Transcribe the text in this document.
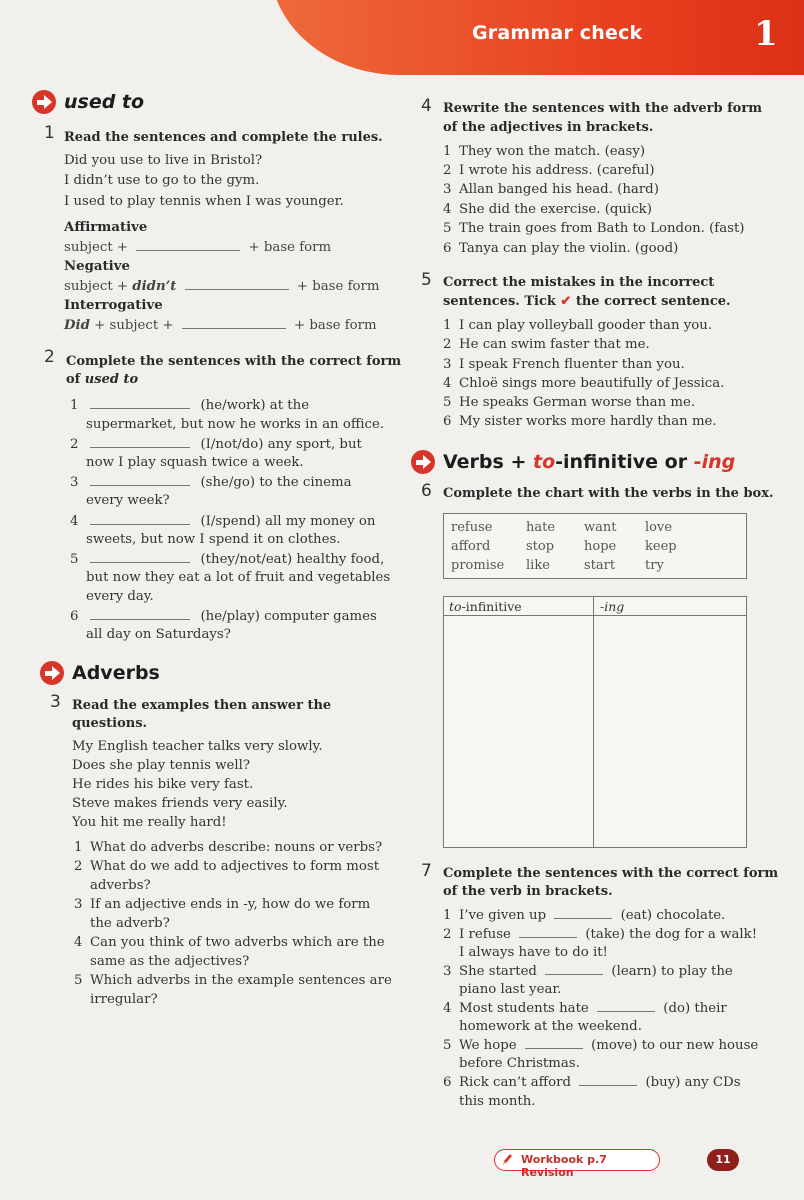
Grammar check	1
used to
1 Read the sentences and complete the rules.
Did you use to live in Bristol?
I didn’t use to go to the gym.
I used to play tennis when I was younger.
Affirmative
subject +	+ base form
Negative
subject + didn’t	+ base form
Interrogative
Did + subject +	+ base form
2 Complete the sentences with the correct form
of used to
1	(he/work) at the
supermarket, but now he works in an office.
2	(I/not/do) any sport, but
now I play squash twice a week.
3	(she/go) to the cinema
every week?
4	(I/spend) all my money on
sweets, but now I spend it on clothes.
5	(they/not/eat) healthy food,
but now they eat a lot of fruit and vegetables
every day.
6	(he/play) computer games
all day on Saturdays?
Adverbs
3 Read the examples then answer the
questions.
My English teacher talks very slowly.
Does she play tennis well?
He rides his bike very fast.
Steve makes friends very easily.
You hit me really hard!
1 What do adverbs describe: nouns or verbs?
2 What do we add to adjectives to form most
adverbs?
3 If an adjective ends in -y, how do we form
the adverb?
4 Can you think of two adverbs which are the
same as the adjectives?
5 Which adverbs in the example sentences are
irregular?
4 Rewrite the sentences with the adverb form
of the adjectives in brackets.
1 They won the match. (easy)
2 I wrote his address. (careful)
3 Allan banged his head. (hard)
4 She did the exercise. (quick)
5 The train goes from Bath to London. (fast)
6 Tanya can play the violin. (good)
5 Correct the mistakes in the incorrect
sentences. Tick ✔ the correct sentence.
1 I can play volleyball gooder than you.
2 He can swim faster that me.
3 I speak French fluenter than you.
4 Chloë sings more beautifully of Jessica.
5 He speaks German worse than me.
6 My sister works more hardly than me.
Verbs +
to -infinitive or
-ing
6 Complete the chart with the verbs in the box.
refuse	hate want love
afford	stop hope keep
promise like	start try
to-infinitive	-ing
7 Complete the sentences with the correct form
of the verb in brackets.
1 I’ve given up	(eat) chocolate.
2 I refuse	(take) the dog for a walk!
I always have to do it!
3 She started	(learn) to play the
piano last year.
4 Most students hate	(do) their
homework at the weekend.
5 We hope	(move) to our new house
before Christmas.
6 Rick can’t afford	(buy) any CDs
this month.
Workbook p.7 Revision
11
